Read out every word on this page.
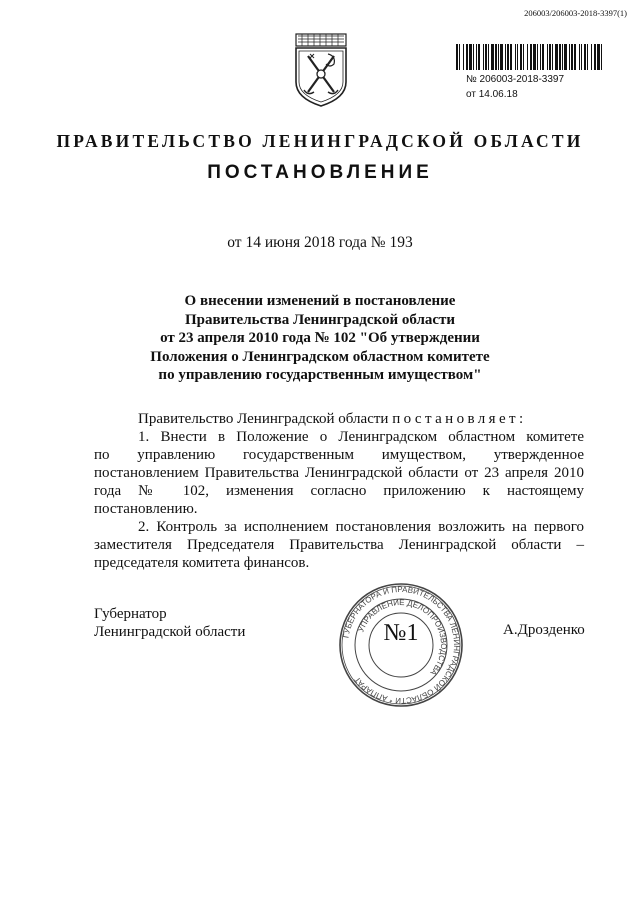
206003/206003-2018-3397(1)
№ 206003-2018-3397
от 14.06.18
ПРАВИТЕЛЬСТВО ЛЕНИНГРАДСКОЙ ОБЛАСТИ
ПОСТАНОВЛЕНИЕ
от 14 июня 2018 года № 193
О внесении изменений в постановление
Правительства Ленинградской области
от 23 апреля 2010 года № 102 "Об утверждении
Положения о Ленинградском областном комитете
по управлению государственным имуществом"

Правительство Ленинградской области постановляет:

1. Внести в Положение о Ленинградском областном комитете

по управлению государственным имуществом, утвержденное

постановлением Правительства Ленинградской области от 23 апреля 2010 года № 102, изменения согласно приложению к настоящему постановлению.

2. Контроль за исполнением постановления возложить на первого заместителя Председателя Правительства Ленинградской области – председателя комитета финансов.

Губернатор
Ленинградской области	А.Дрозденко
ГУБЕРНАТОРА И ПРАВИТЕЛЬСТВА ЛЕНИНГРАДСКОЙ ОБЛАСТИ * АППАРАТ
УПРАВЛЕНИЕ ДЕЛОПРОИЗВОДСТВА
№1
